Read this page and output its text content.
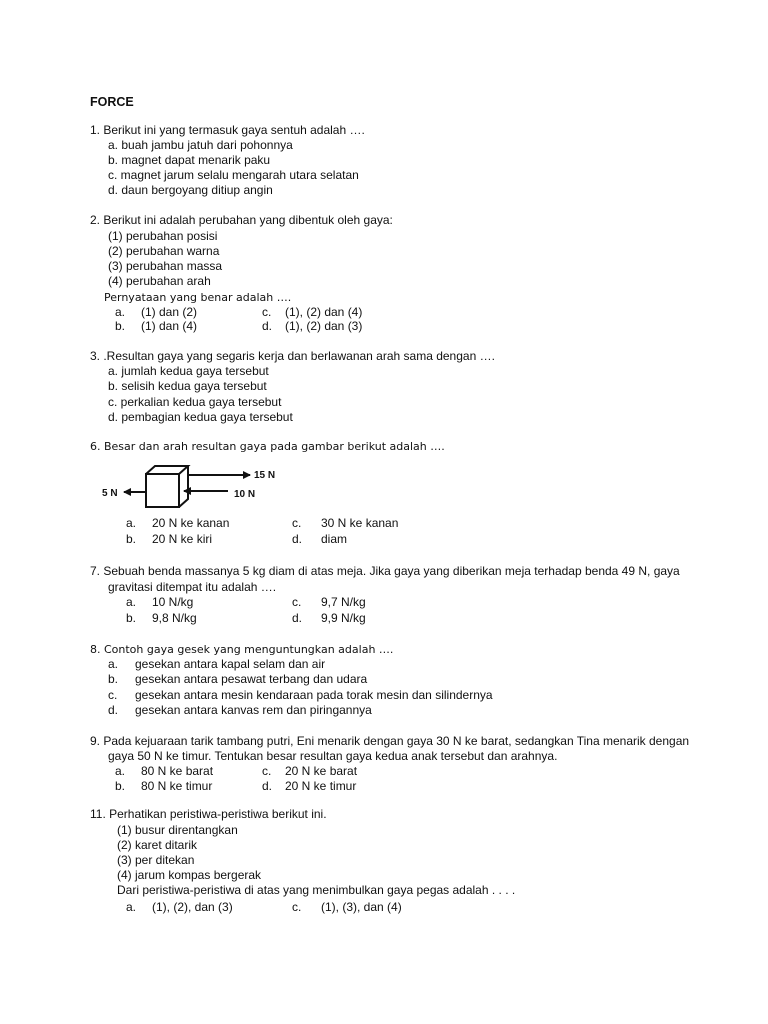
FORCE
1. Berikut ini yang termasuk gaya sentuh adalah ….
a. buah jambu jatuh dari pohonnya
b. magnet dapat menarik paku
c. magnet jarum selalu mengarah utara selatan
d. daun bergoyang ditiup angin
2. Berikut ini adalah perubahan yang dibentuk oleh gaya:
(1) perubahan posisi
(2) perubahan warna
(3) perubahan massa
(4) perubahan arah
Pernyataan yang benar adalah ….
a. (1) dan (2)	c. (1), (2) dan (4)
b. (1) dan (4)	d. (1), (2) dan (3)
3. .Resultan gaya yang segaris kerja dan berlawanan arah sama dengan ….
a. jumlah kedua gaya tersebut
b. selisih kedua gaya tersebut
c. perkalian kedua gaya tersebut
d. pembagian kedua gaya tersebut
6. Besar dan arah resultan gaya pada gambar berikut adalah ….
5 N
15 N
10 N
a. 20 N ke kanan	c. 30 N ke kanan
b. 20 N ke kiri	d. diam
7. Sebuah benda massanya 5 kg diam di atas meja. Jika gaya yang diberikan meja terhadap benda 49 N, gaya
gravitasi ditempat itu adalah ….
a. 10 N/kg	c. 9,7 N/kg
b. 9,8 N/kg	d. 9,9 N/kg
8. Contoh gaya gesek yang menguntungkan adalah ….
a. gesekan antara kapal selam dan air
b. gesekan antara pesawat terbang dan udara
c. gesekan antara mesin kendaraan pada torak mesin dan silindernya
d. gesekan antara kanvas rem dan piringannya
9. Pada kejuaraan tarik tambang putri, Eni menarik dengan gaya 30 N ke barat, sedangkan Tina menarik dengan
gaya 50 N ke timur. Tentukan besar resultan gaya kedua anak tersebut dan arahnya.
a. 80 N ke barat	c. 20 N ke barat
b. 80 N ke timur	d. 20 N ke timur
11. Perhatikan peristiwa-peristiwa berikut ini.
(1) busur direntangkan
(2) karet ditarik
(3) per ditekan
(4) jarum kompas bergerak
Dari peristiwa-peristiwa di atas yang menimbulkan gaya pegas adalah . . . .
a. (1), (2), dan (3)	c. (1), (3), dan (4)
